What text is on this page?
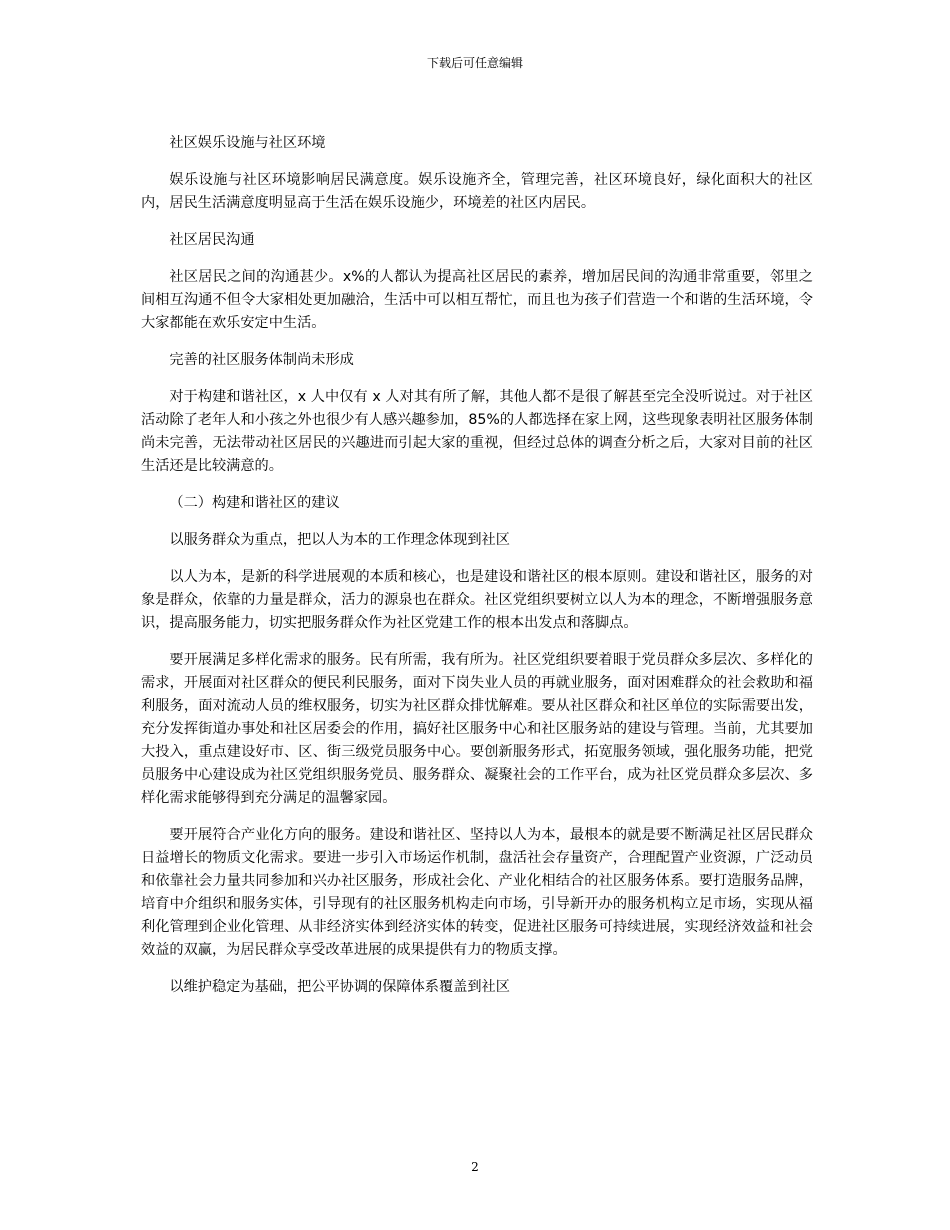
下载后可任意编辑

社区娱乐设施与社区环境

娱乐设施与社区环境影响居民满意度。娱乐设施齐全，管理完善，社区环境良好，绿化面积大的社区内，居民生活满意度明显高于生活在娱乐设施少，环境差的社区内居民。

社区居民沟通

社区居民之间的沟通甚少。x%的人都认为提高社区居民的素养，增加居民间的沟通非常重要，邻里之间相互沟通不但令大家相处更加融洽，生活中可以相互帮忙，而且也为孩子们营造一个和谐的生活环境，令大家都能在欢乐安定中生活。

完善的社区服务体制尚未形成

对于构建和谐社区，x 人中仅有 x 人对其有所了解，其他人都不是很了解甚至完全没听说过。对于社区活动除了老年人和小孩之外也很少有人感兴趣参加，85%的人都选择在家上网，这些现象表明社区服务体制尚未完善，无法带动社区居民的兴趣进而引起大家的重视，但经过总体的调查分析之后，大家对目前的社区生活还是比较满意的。

（二）构建和谐社区的建议

以服务群众为重点，把以人为本的工作理念体现到社区

以人为本，是新的科学进展观的本质和核心，也是建设和谐社区的根本原则。建设和谐社区，服务的对象是群众，依靠的力量是群众，活力的源泉也在群众。社区党组织要树立以人为本的理念，不断增强服务意识，提高服务能力，切实把服务群众作为社区党建工作的根本出发点和落脚点。

要开展满足多样化需求的服务。民有所需，我有所为。社区党组织要着眼于党员群众多层次、多样化的需求，开展面对社区群众的便民利民服务，面对下岗失业人员的再就业服务，面对困难群众的社会救助和福利服务，面对流动人员的维权服务，切实为社区群众排忧解难。要从社区群众和社区单位的实际需要出发，充分发挥街道办事处和社区居委会的作用，搞好社区服务中心和社区服务站的建设与管理。当前，尤其要加大投入，重点建设好市、区、街三级党员服务中心。要创新服务形式，拓宽服务领域，强化服务功能，把党员服务中心建设成为社区党组织服务党员、服务群众、凝聚社会的工作平台，成为社区党员群众多层次、多样化需求能够得到充分满足的温馨家园。

要开展符合产业化方向的服务。建设和谐社区、坚持以人为本，最根本的就是要不断满足社区居民群众日益增长的物质文化需求。要进一步引入市场运作机制，盘活社会存量资产，合理配置产业资源，广泛动员和依靠社会力量共同参加和兴办社区服务，形成社会化、产业化相结合的社区服务体系。要打造服务品牌，培育中介组织和服务实体，引导现有的社区服务机构走向市场，引导新开办的服务机构立足市场，实现从福利化管理到企业化管理、从非经济实体到经济实体的转变，促进社区服务可持续进展，实现经济效益和社会效益的双赢，为居民群众享受改革进展的成果提供有力的物质支撑。

以维护稳定为基础，把公平协调的保障体系覆盖到社区

2
